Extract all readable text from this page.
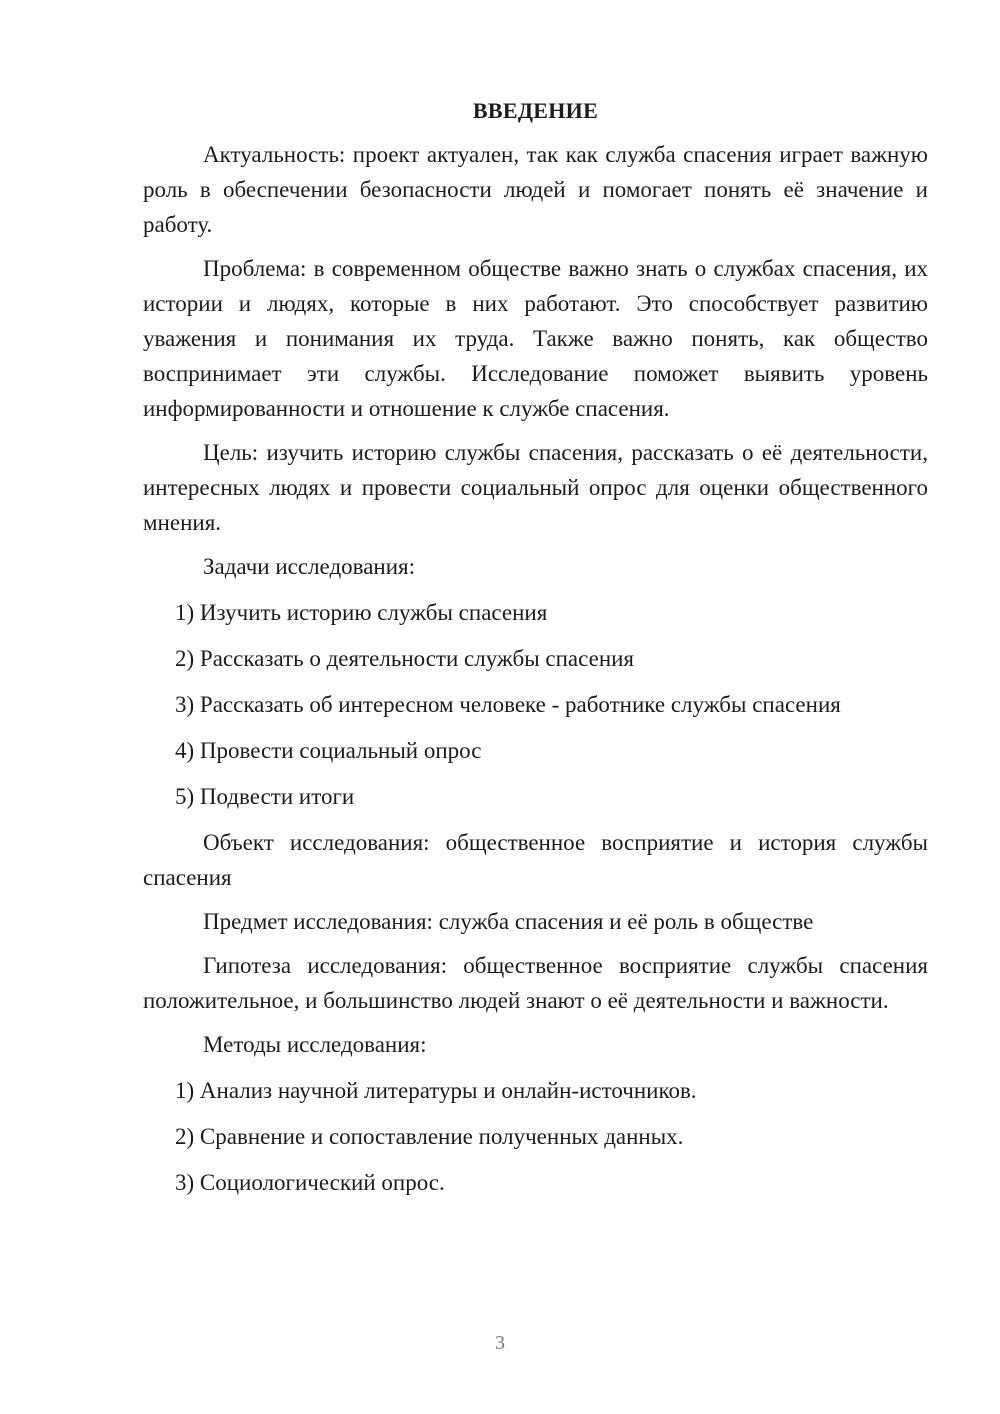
ВВЕДЕНИЕ

Актуальность: проект актуален, так как служба спасения играет важную роль в обеспечении безопасности людей и помогает понять её значение и работу.

Проблема: в современном обществе важно знать о службах спасения, их истории и людях, которые в них работают. Это способствует развитию уважения и понимания их труда. Также важно понять, как общество воспринимает эти службы. Исследование поможет выявить уровень информированности и отношение к службе спасения.

Цель: изучить историю службы спасения, рассказать о её деятельности, интересных людях и провести социальный опрос для оценки общественного мнения.

Задачи исследования:
1) Изучить историю службы спасения
2) Рассказать о деятельности службы спасения
3) Рассказать об интересном человеке - работнике службы спасения
4) Провести социальный опрос
5) Подвести итоги

Объект исследования: общественное восприятие и история службы спасения

Предмет исследования: служба спасения и её роль в обществе

Гипотеза исследования: общественное восприятие службы спасения положительное, и большинство людей знают о её деятельности и важности.

Методы исследования:
1) Анализ научной литературы и онлайн-источников.
2) Сравнение и сопоставление полученных данных.
3) Социологический опрос.
3
